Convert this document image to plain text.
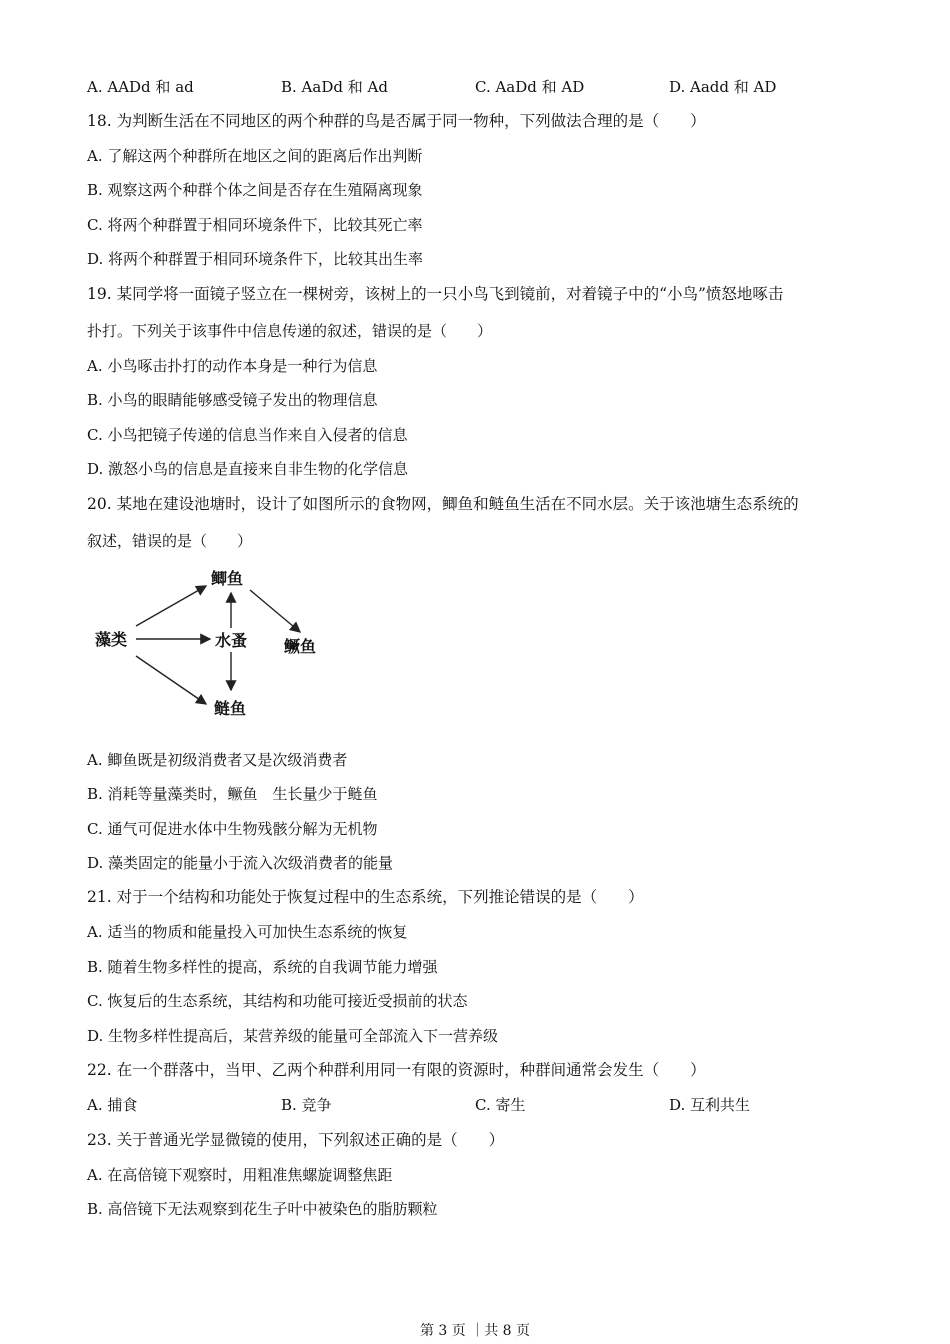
A. AADd 和 ad	B. AaDd 和 Ad	C. AaDd 和 AD	D. Aadd 和 AD
18. 为判断生活在不同地区的两个种群的鸟是否属于同一物种，下列做法合理的是（　　）
A. 了解这两个种群所在地区之间的距离后作出判断
B. 观察这两个种群个体之间是否存在生殖隔离现象
C. 将两个种群置于相同环境条件下，比较其死亡率
D. 将两个种群置于相同环境条件下，比较其出生率
19. 某同学将一面镜子竖立在一棵树旁，该树上的一只小鸟飞到镜前，对着镜子中的“小鸟”愤怒地啄击
扑打。下列关于该事件中信息传递的叙述，错误的是（　　）
A. 小鸟啄击扑打的动作本身是一种行为信息
B. 小鸟的眼睛能够感受镜子发出的物理信息
C. 小鸟把镜子传递的信息当作来自入侵者的信息
D. 激怒小鸟的信息是直接来自非生物的化学信息
20. 某地在建设池塘时，设计了如图所示的食物网，鲫鱼和鲢鱼生活在不同水层。关于该池塘生态系统的
叙述，错误的是（　　）
藻类
鲫鱼
水蚤 鳜鱼
鲢鱼
A. 鲫鱼既是初级消费者又是次级消费者
B. 消耗等量藻类时，鳜鱼　生长量少于鲢鱼
C. 通气可促进水体中生物残骸分解为无机物
D. 藻类固定的能量小于流入次级消费者的能量
21. 对于一个结构和功能处于恢复过程中的生态系统，下列推论错误的是（　　）
A. 适当的物质和能量投入可加快生态系统的恢复
B. 随着生物多样性的提高，系统的自我调节能力增强
C. 恢复后的生态系统，其结构和功能可接近受损前的状态
D. 生物多样性提高后，某营养级的能量可全部流入下一营养级
22. 在一个群落中，当甲、乙两个种群利用同一有限的资源时，种群间通常会发生（　　）
A. 捕食	B. 竞争	C. 寄生	D. 互利共生
23. 关于普通光学显微镜的使用，下列叙述正确的是（　　）
A. 在高倍镜下观察时，用粗准焦螺旋调整焦距
B. 高倍镜下无法观察到花生子叶中被染色的脂肪颗粒
第 3 页 ｜共 8 页
